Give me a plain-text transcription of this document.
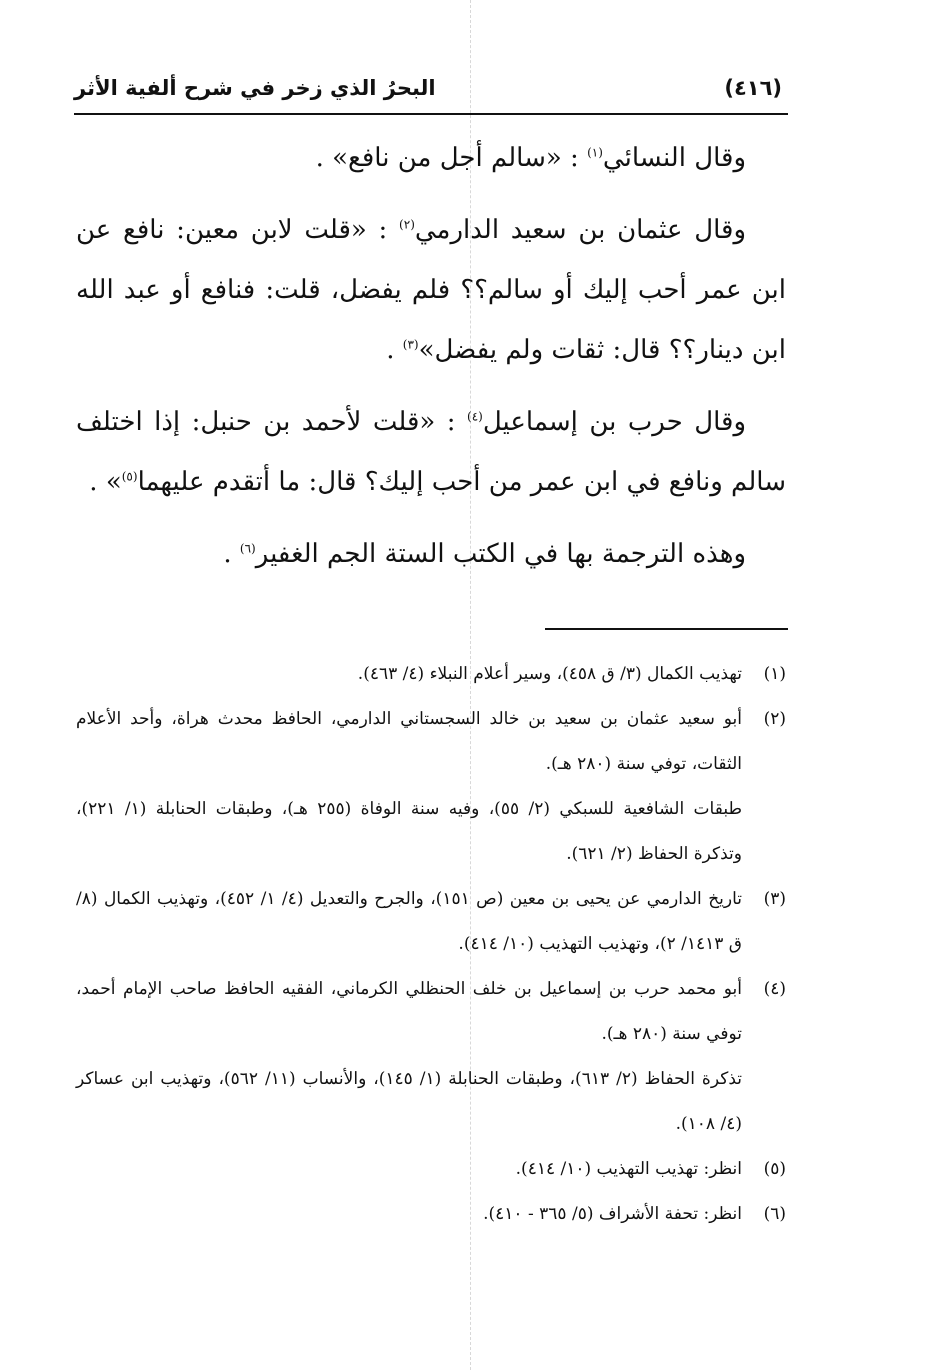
البحرُ الذي زخر في شرح ألفية الأثر	(٤١٦)

وقال النسائي$^{(١)}$ : «سالم أجل من نافع» .

وقال عثمان بن سعيد الدارمي$^{(٢)}$ : «قلت لابن معين: نافع عن ابن عمر أحب إليك أو سالم؟؟ فلم يفضل، قلت: فنافع أو عبد الله ابن دينار؟؟ قال: ثقات ولم يفضل»$^{(٣)}$ .

وقال حرب بن إسماعيل$^{(٤)}$ : «قلت لأحمد بن حنبل: إذا اختلف سالم ونافع في ابن عمر من أحب إليك؟ قال: ما أتقدم عليهما$^{(٥)}$» .

وهذه الترجمة بها في الكتب الستة الجم الغفير$^{(٦)}$ .

(١)
تهذيب الكمال (٣/ ق ٤٥٨)، وسير أعلام النبلاء (٤/ ٤٦٣).
(٢)
أبو سعيد عثمان بن سعيد بن خالد السجستاني الدارمي، الحافظ محدث هراة، وأحد الأعلام الثقات، توفي سنة (٢٨٠ هـ).
طبقات الشافعية للسبكي (٢/ ٥٥)، وفيه سنة الوفاة (٢٥٥ هـ)، وطبقات الحنابلة (١/ ٢٢١)، وتذكرة الحفاظ (٢/ ٦٢١).
(٣)
تاريخ الدارمي عن يحيى بن معين (ص ١٥١)، والجرح والتعديل (٤/ ١/ ٤٥٢)، وتهذيب الكمال (٨/ ق ١٤١٣/ ٢)، وتهذيب التهذيب (١٠/ ٤١٤).
(٤)
أبو محمد حرب بن إسماعيل بن خلف الحنظلي الكرماني، الفقيه الحافظ صاحب الإمام أحمد، توفي سنة (٢٨٠ هـ).
تذكرة الحفاظ (٢/ ٦١٣)، وطبقات الحنابلة (١/ ١٤٥)، والأنساب (١١/ ٥٦٢)، وتهذيب ابن عساكر (٤/ ١٠٨).
(٥)
انظر: تهذيب التهذيب (١٠/ ٤١٤).
(٦)
انظر: تحفة الأشراف (٥/ ٣٦٥ - ٤١٠).
